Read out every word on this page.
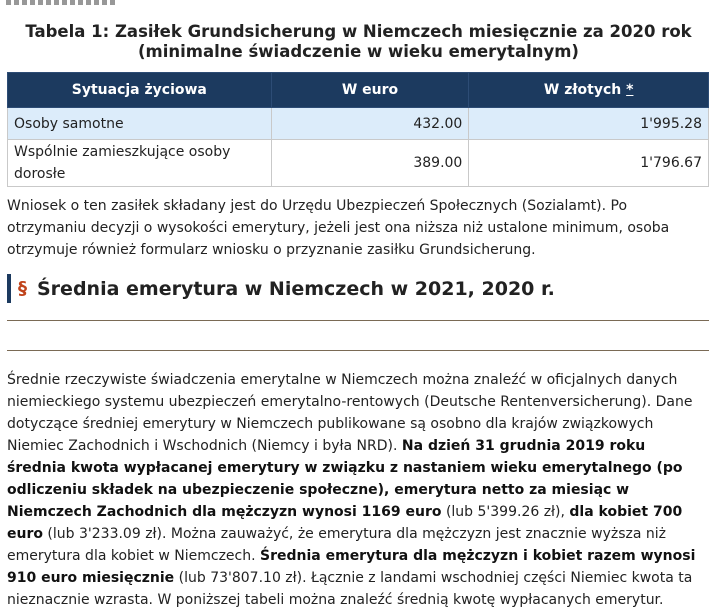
Tabela 1: Zasiłek Grundsicherung w Niemczech miesięcznie za 2020 rok
(minimalne świadczenie w wieku emerytalnym)
Sytuacja życiowa	W euro	W złotych *
Osoby samotne	432.00	1'995.28
Wspólnie zamieszkujące osoby dorosłe	389.00	1'796.67

Wniosek o ten zasiłek składany jest do Urzędu Ubezpieczeń Społecznych (Sozialamt). Po otrzymaniu decyzji o wysokości emerytury, jeżeli jest ona niższa niż ustalone minimum, osoba otrzymuje również formularz wniosku o przyznanie zasiłku Grundsicherung.

§ Średnia emerytura w Niemczech w 2021, 2020 r.

Średnie rzeczywiste świadczenia emerytalne w Niemczech można znaleźć w oficjalnych danych niemieckiego systemu ubezpieczeń emerytalno-rentowych (Deutsche Rentenversicherung). Dane dotyczące średniej emerytury w Niemczech publikowane są osobno dla krajów związkowych Niemiec Zachodnich i Wschodnich (Niemcy i była NRD). Na dzień 31 grudnia 2019 roku średnia kwota wypłacanej emerytury w związku z nastaniem wieku emerytalnego (po odliczeniu składek na ubezpieczenie społeczne), emerytura netto za miesiąc w Niemczech Zachodnich dla mężczyzn wynosi 1169 euro (lub 5'399.26 zł), dla kobiet 700 euro (lub 3'233.09 zł). Można zauważyć, że emerytura dla mężczyzn jest znacznie wyższa niż emerytura dla kobiet w Niemczech. Średnia emerytura dla mężczyzn i kobiet razem wynosi 910 euro miesięcznie (lub 73'807.10 zł). Łącznie z landami wschodniej części Niemiec kwota ta nieznacznie wzrasta. W poniższej tabeli można znaleźć średnią kwotę wypłacanych emerytur.
